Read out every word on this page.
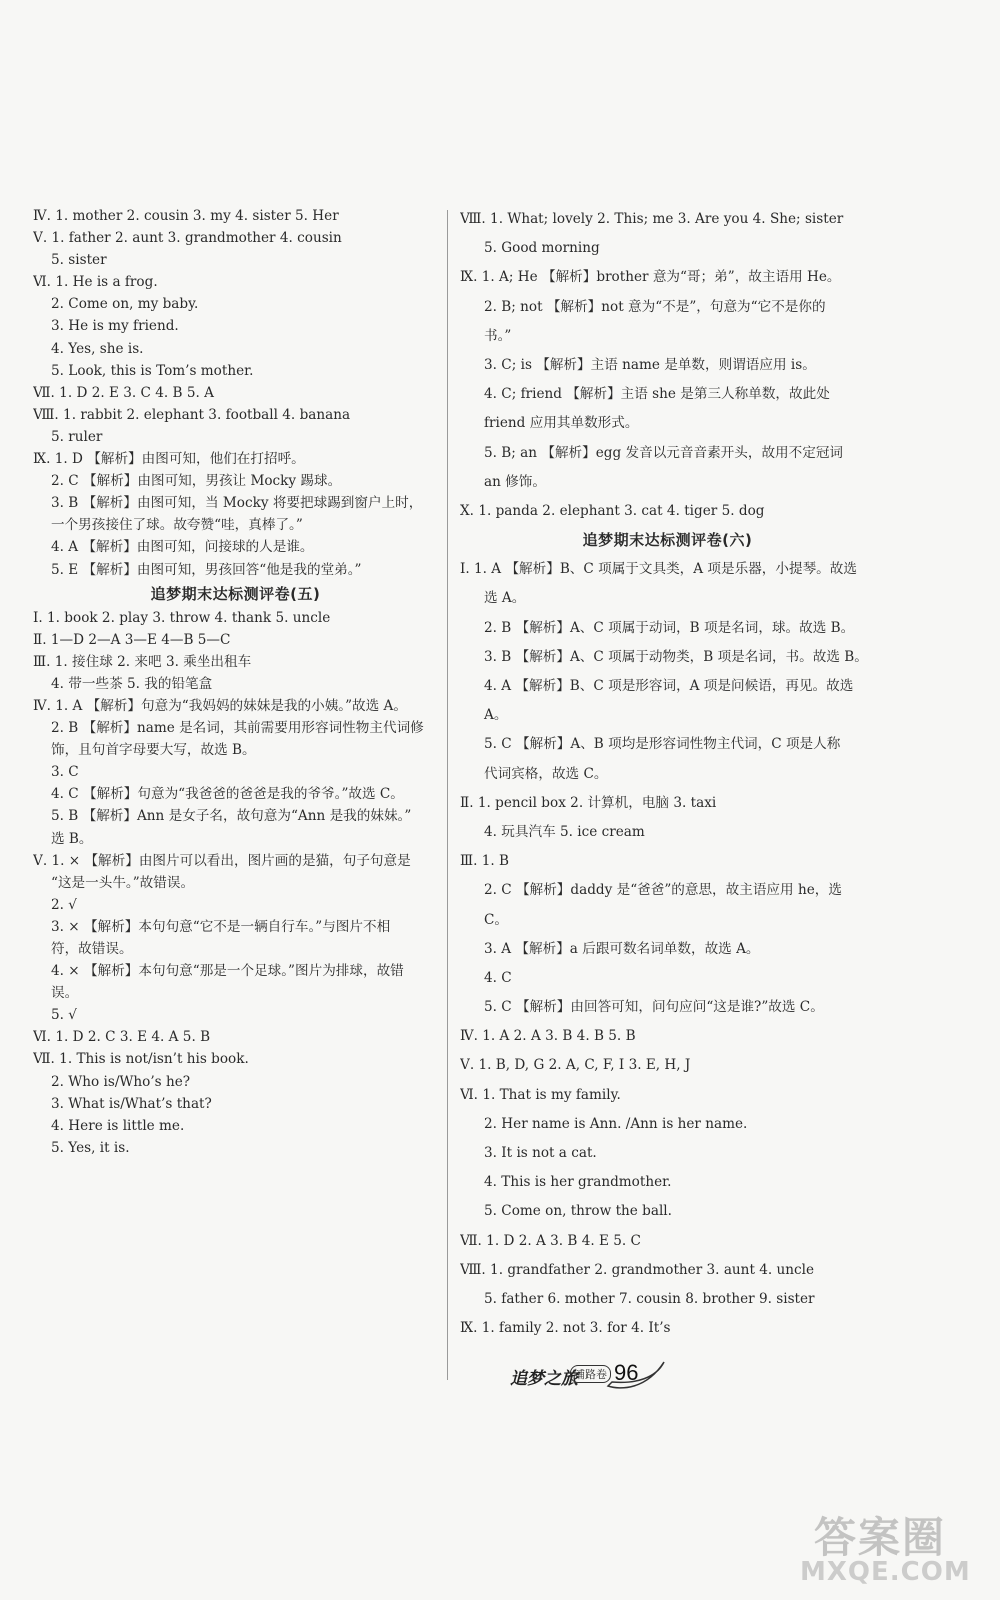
Ⅳ. 1. mother 2. cousin 3. my 4. sister 5. Her
Ⅴ. 1. father 2. aunt 3. grandmother 4. cousin
5. sister
Ⅵ. 1. He is a frog.
2. Come on, my baby.
3. He is my friend.
4. Yes, she is.
5. Look, this is Tom’s mother.
Ⅶ. 1. D 2. E 3. C 4. B 5. A
Ⅷ. 1. rabbit 2. elephant 3. football 4. banana
5. ruler
Ⅸ. 1. D 【解析】由图可知，他们在打招呼。
2. C 【解析】由图可知，男孩让 Mocky 踢球。
3. B 【解析】由图可知，当 Mocky 将要把球踢到窗户上时，
一个男孩接住了球。故夸赞“哇，真棒了。”
4. A 【解析】由图可知，问接球的人是谁。
5. E 【解析】由图可知，男孩回答“他是我的堂弟。”
追梦期末达标测评卷(五)
Ⅰ. 1. book 2. play 3. throw 4. thank 5. uncle
Ⅱ. 1—D 2—A 3—E 4—B 5—C
Ⅲ. 1. 接住球 2. 来吧 3. 乘坐出租车
4. 带一些茶 5. 我的铅笔盒
Ⅳ. 1. A 【解析】句意为“我妈妈的妹妹是我的小姨。”故选 A。
2. B 【解析】name 是名词，其前需要用形容词性物主代词修
饰，且句首字母要大写，故选 B。
3. C
4. C 【解析】句意为“我爸爸的爸爸是我的爷爷。”故选 C。
5. B 【解析】Ann 是女子名，故句意为“Ann 是我的妹妹。”
选 B。
Ⅴ. 1. × 【解析】由图片可以看出，图片画的是猫，句子句意是
“这是一头牛。”故错误。
2. √
3. × 【解析】本句句意“它不是一辆自行车。”与图片不相
符，故错误。
4. × 【解析】本句句意“那是一个足球。”图片为排球，故错
误。
5. √
Ⅵ. 1. D 2. C 3. E 4. A 5. B
Ⅶ. 1. This is not/isn’t his book.
2. Who is/Who’s he?
3. What is/What’s that?
4. Here is little me.
5. Yes, it is.
Ⅷ. 1. What; lovely 2. This; me 3. Are you 4. She; sister
5. Good morning
Ⅸ. 1. A; He 【解析】brother 意为“哥；弟”，故主语用 He。
2. B; not 【解析】not 意为“不是”，句意为“它不是你的
书。”
3. C; is 【解析】主语 name 是单数，则谓语应用 is。
4. C; friend 【解析】主语 she 是第三人称单数，故此处
friend 应用其单数形式。
5. B; an 【解析】egg 发音以元音音素开头，故用不定冠词
an 修饰。
Ⅹ. 1. panda 2. elephant 3. cat 4. tiger 5. dog
追梦期末达标测评卷(六)
Ⅰ. 1. A 【解析】B、C 项属于文具类，A 项是乐器，小提琴。故选
选 A。
2. B 【解析】A、C 项属于动词，B 项是名词，球。故选 B。
3. B 【解析】A、C 项属于动物类，B 项是名词，书。故选 B。
4. A 【解析】B、C 项是形容词，A 项是问候语，再见。故选
A。
5. C 【解析】A、B 项均是形容词性物主代词，C 项是人称
代词宾格，故选 C。
Ⅱ. 1. pencil box 2. 计算机，电脑 3. taxi
4. 玩具汽车 5. ice cream
Ⅲ. 1. B
2. C 【解析】daddy 是“爸爸”的意思，故主语应用 he，选
C。
3. A 【解析】a 后跟可数名词单数，故选 A。
4. C
5. C 【解析】由回答可知，问句应问“这是谁?”故选 C。
Ⅳ. 1. A 2. A 3. B 4. B 5. B
Ⅴ. 1. B, D, G 2. A, C, F, I 3. E, H, J
Ⅵ. 1. That is my family.
2. Her name is Ann. /Ann is her name.
3. It is not a cat.
4. This is her grandmother.
5. Come on, throw the ball.
Ⅶ. 1. D 2. A 3. B 4. E 5. C
Ⅷ. 1. grandfather 2. grandmother 3. aunt 4. uncle
5. father 6. mother 7. cousin 8. brother 9. sister
Ⅸ. 1. family 2. not 3. for 4. It’s
追梦之旅
铺路卷 96
答案圈
MXQE.COM
